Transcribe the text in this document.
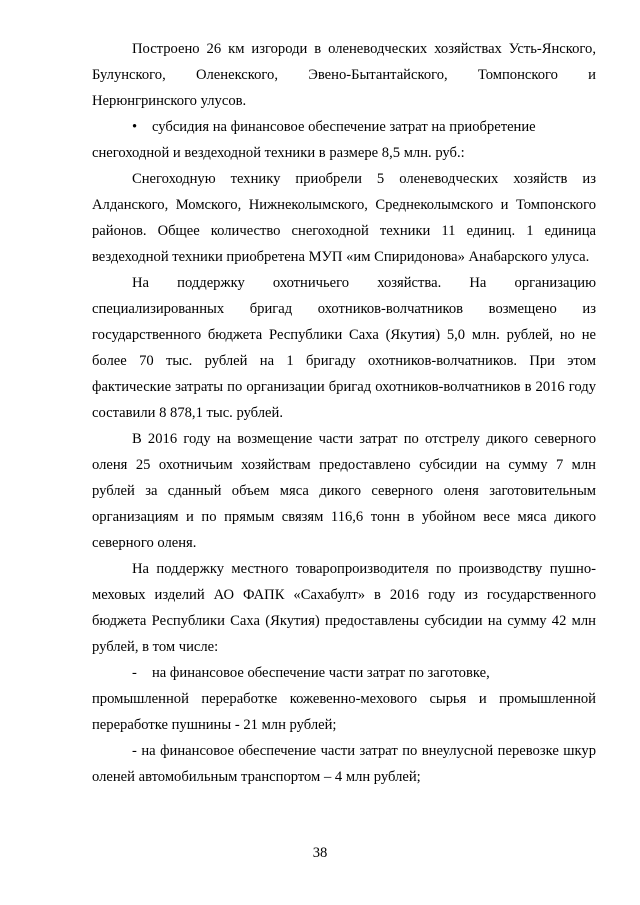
Построено 26 км изгороди в оленеводческих хозяйствах Усть-Янского, Булунского, Оленекского, Эвено-Бытантайского, Томпонского и Нерюнгринского улусов.

•	субсидия на финансовое обеспечение затрат на приобретение

снегоходной и вездеходной техники в размере 8,5 млн. руб.:

Снегоходную технику приобрели 5 оленеводческих хозяйств из Алданского, Момского, Нижнеколымского, Среднеколымского и Томпонского районов. Общее количество снегоходной техники 11 единиц. 1 единица вездеходной техники приобретена МУП «им Спиридонова» Анабарского улуса.

На поддержку охотничьего хозяйства. На организацию специализированных бригад охотников-волчатников возмещено из государственного бюджета Республики Саха (Якутия) 5,0 млн. рублей, но не более 70 тыс. рублей на 1 бригаду охотников-волчатников. При этом фактические затраты по организации бригад охотников-волчатников в 2016 году составили 8 878,1 тыс. рублей.

В 2016 году на возмещение части затрат по отстрелу дикого северного оленя 25 охотничьим хозяйствам предоставлено субсидии на сумму 7 млн рублей за сданный объем мяса дикого северного оленя заготовительным организациям и по прямым связям 116,6 тонн в убойном весе мяса дикого северного оленя.

На поддержку местного товаропроизводителя по производству пушно-меховых изделий АО ФАПК «Сахабулт» в 2016 году из государственного бюджета Республики Саха (Якутия) предоставлены субсидии на сумму 42 млн рублей, в том числе:

-	на финансовое обеспечение части затрат по заготовке,

промышленной переработке кожевенно-мехового сырья и промышленной переработке пушнины - 21 млн рублей;

- на финансовое обеспечение части затрат по внеулусной перевозке шкур оленей автомобильным транспортом – 4 млн рублей;

38
